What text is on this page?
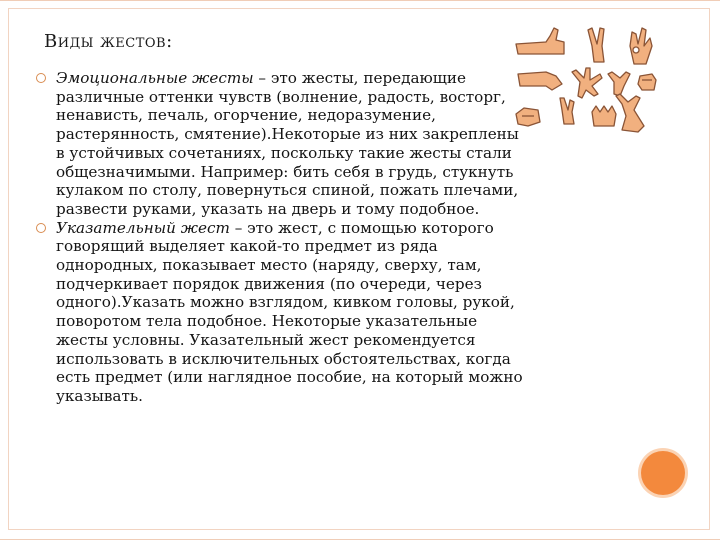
Виды жестов:

Эмоциональные жесты – это жесты, передающие различные оттенки чувств (волнение, радость, восторг, ненависть, печаль, огорчение, недоразумение, растерянность, смятение).Некоторые из них закреплены в устойчивых сочетаниях, поскольку такие жесты стали общезначимыми. Например: бить себя в грудь, стукнуть кулаком по столу, повернуться спиной, пожать плечами, развести руками, указать на дверь и тому подобное.

Указательный жест – это жест, с помощью которого говорящий выделяет какой-то предмет из ряда однородных, показывает место (наряду, сверху, там, подчеркивает порядок движения (по очереди, через одного).Указать можно взглядом, кивком головы, рукой, поворотом тела подобное. Некоторые указательные жесты условны. Указательный жест рекомендуется использовать в исключительных обстоятельствах, когда есть предмет (или наглядное пособие, на который можно указывать.
